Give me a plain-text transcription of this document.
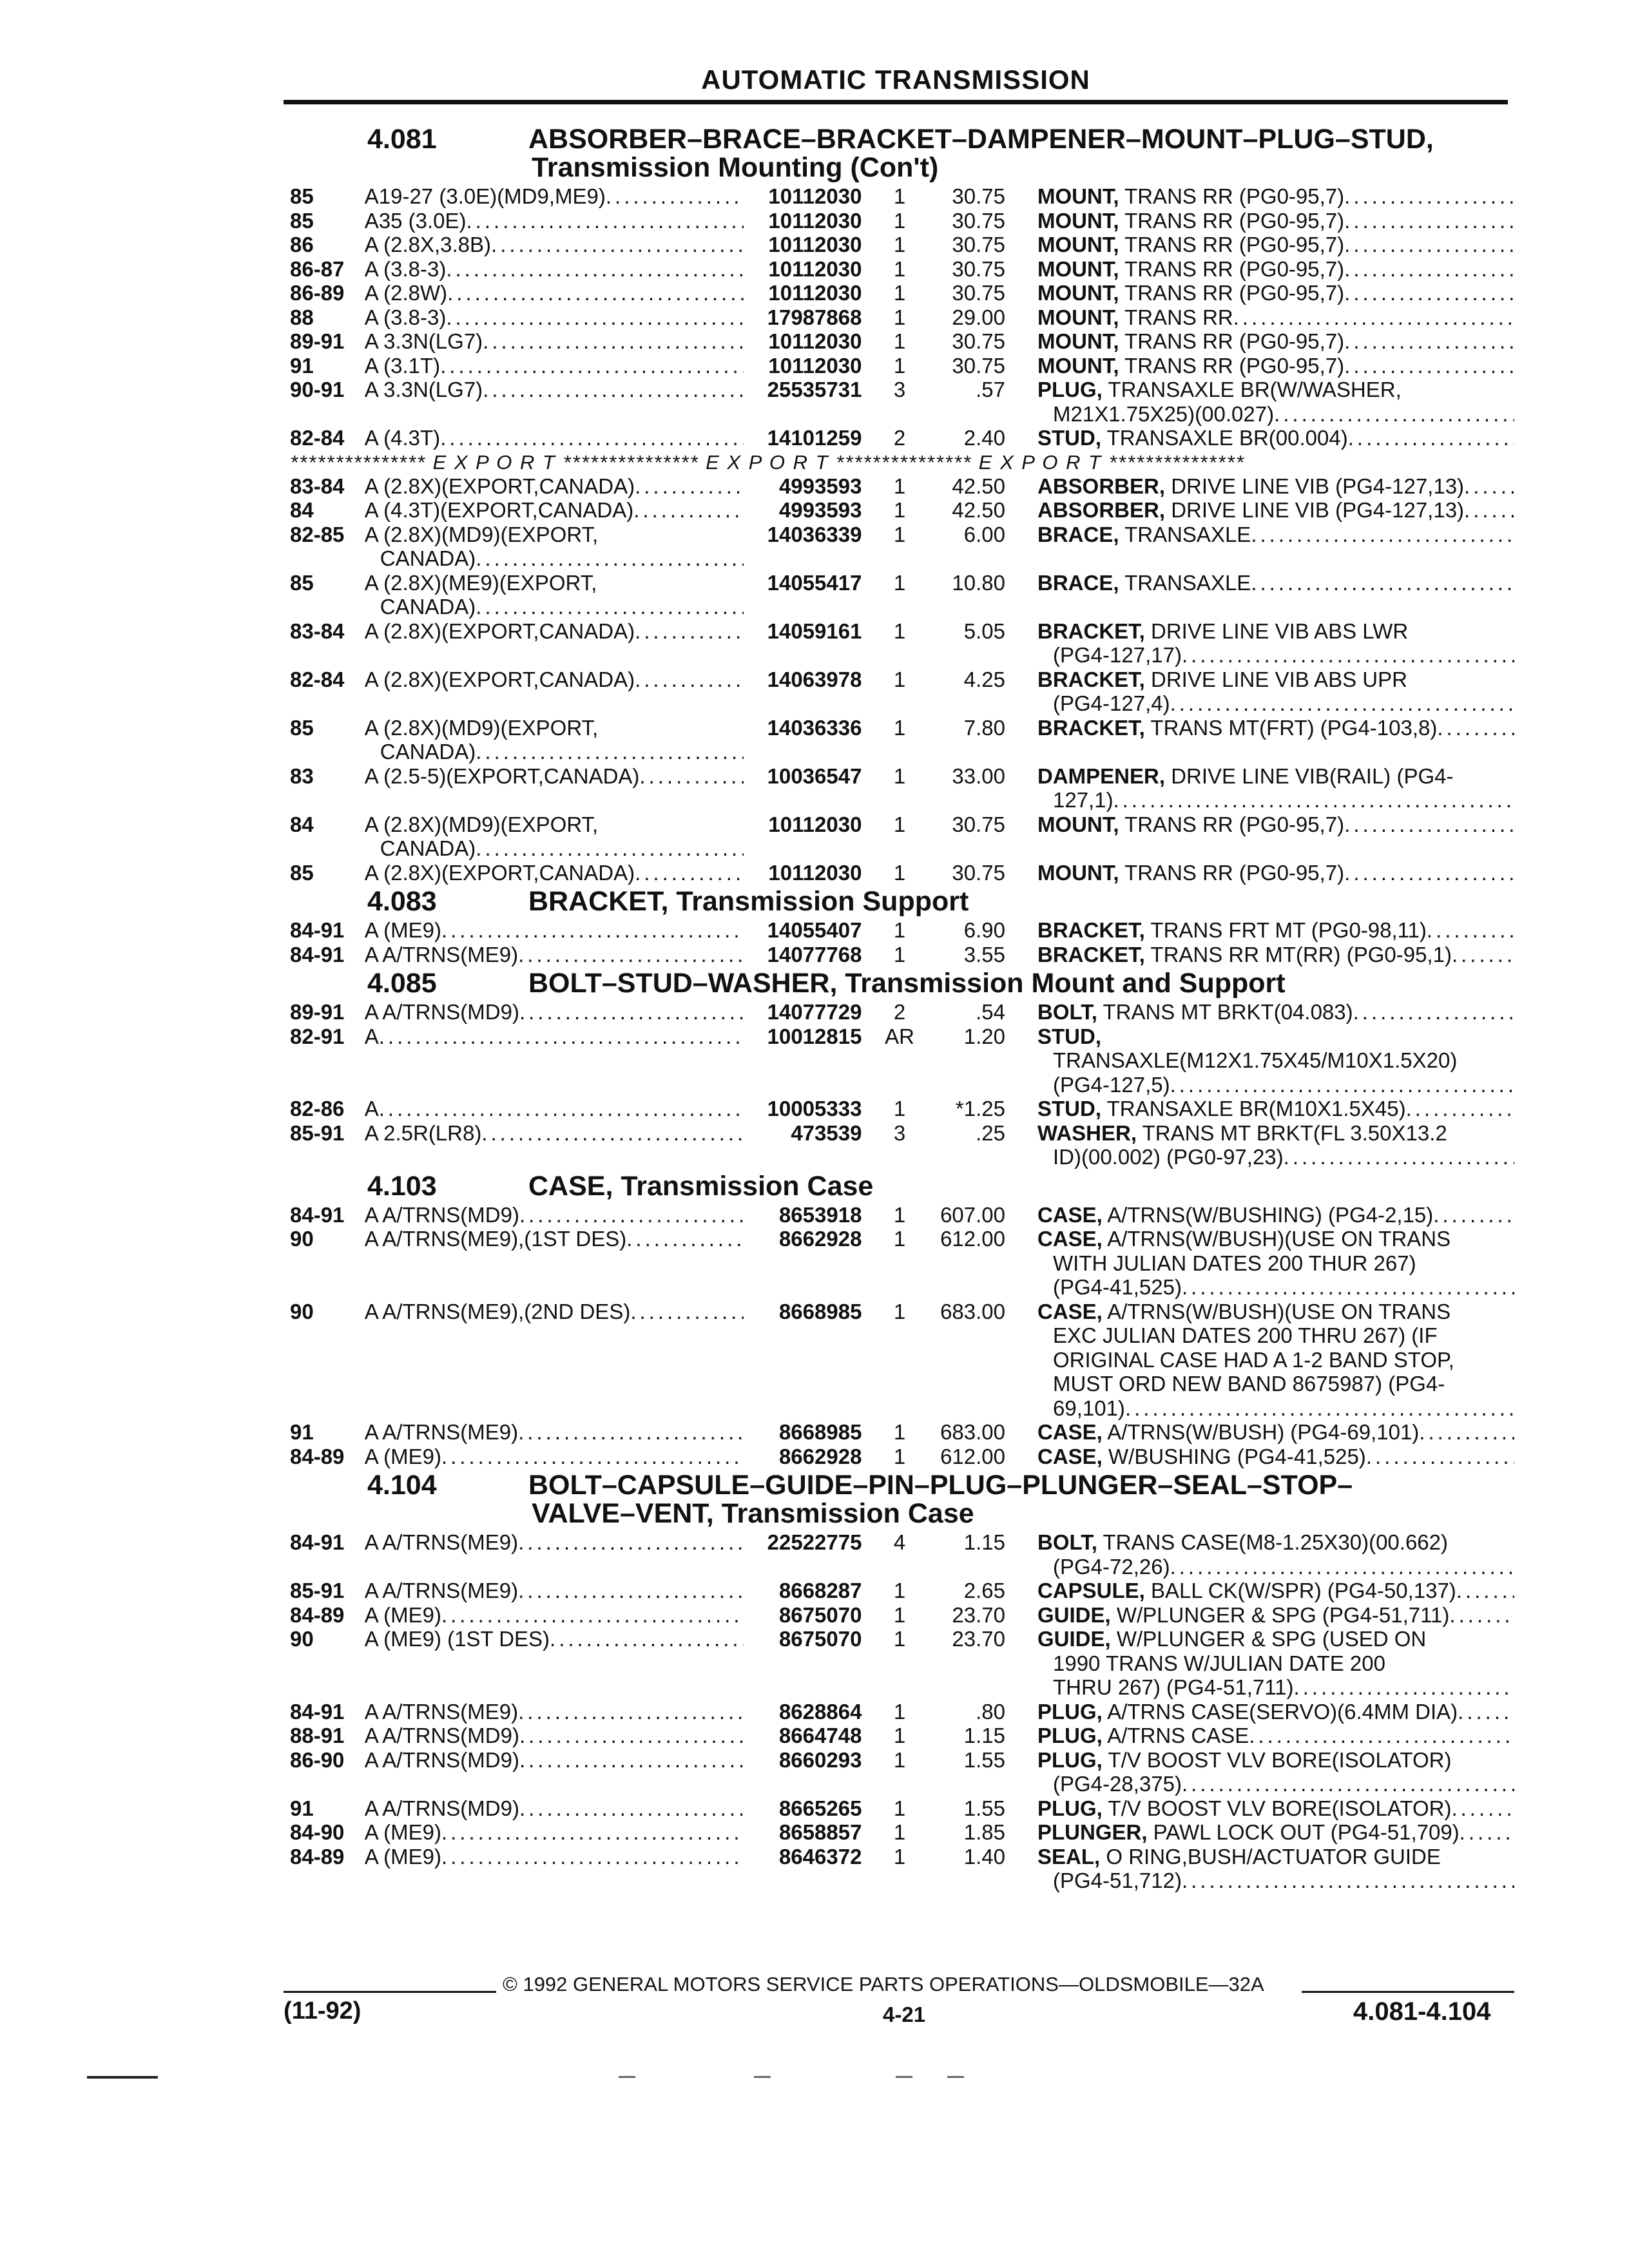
AUTOMATIC TRANSMISSION
4.081	ABSORBER–BRACE–BRACKET–DAMPENER–MOUNT–PLUG–STUD,
Transmission Mounting (Con't)
85	A19-27 (3.0E)(MD9,ME9) .....	10112030	1	30.75 MOUNT, TRANS RR (PG0-95,7)
.....
85	A35 (3.0E) .....	10112030	1	30.75 MOUNT, TRANS RR (PG0-95,7)
.....
86	A (2.8X,3.8B) .....	10112030	1	30.75 MOUNT, TRANS RR (PG0-95,7)
.....
86-87 A (3.8-3) .....	10112030	1	30.75 MOUNT, TRANS RR (PG0-95,7)
.....
86-89 A (2.8W) .....	10112030	1	30.75 MOUNT, TRANS RR (PG0-95,7)
.....
88	A (3.8-3) .....	17987868	1	29.00 MOUNT, TRANS RR
.....
89-91 A 3.3N(LG7) .....	10112030	1	30.75 MOUNT, TRANS RR (PG0-95,7)
.....
91	A (3.1T) .....	10112030	1	30.75 MOUNT, TRANS RR (PG0-95,7)
.....
90-91 A 3.3N(LG7) .....	25535731	3	.57 PLUG, TRANSAXLE BR(W/WASHER,
M21X1.75X25)(00.027)
.....
82-84 A (4.3T) .....	14101259	2	2.40 STUD, TRANSAXLE BR(00.004)
.....
*************** E X P O R T *************** E X P O R T *************** E X P O R T ***************
83-84 A (2.8X)(EXPORT,CANADA) .....	4993593	1	42.50 ABSORBER, DRIVE LINE VIB (PG4-127,13)
.....
84	A (4.3T)(EXPORT,CANADA) .....	4993593	1	42.50 ABSORBER, DRIVE LINE VIB (PG4-127,13)
.....
82-85 A (2.8X)(MD9)(EXPORT,
CANADA)
.....
14036339	1	6.00 BRACE, TRANSAXLE
.....
85	A (2.8X)(ME9)(EXPORT,
CANADA)
.....
14055417	1	10.80 BRACE, TRANSAXLE
.....
83-84 A (2.8X)(EXPORT,CANADA) .....	14059161	1	5.05 BRACKET, DRIVE LINE VIB ABS LWR
(PG4-127,17)
.....
82-84 A (2.8X)(EXPORT,CANADA) .....	14063978	1	4.25 BRACKET, DRIVE LINE VIB ABS UPR
(PG4-127,4)
.....
85	A (2.8X)(MD9)(EXPORT,
CANADA)
.....
14036336	1	7.80 BRACKET, TRANS MT(FRT) (PG4-103,8)
.....
83	A (2.5-5)(EXPORT,CANADA) .....	10036547	1	33.00 DAMPENER, DRIVE LINE VIB(RAIL) (PG4-
127,1)
.....
84	A (2.8X)(MD9)(EXPORT,
CANADA)
.....
10112030	1	30.75 MOUNT, TRANS RR (PG0-95,7)
.....
85	A (2.8X)(EXPORT,CANADA) .....	10112030	1	30.75 MOUNT, TRANS RR (PG0-95,7)
.....
4.083	BRACKET, Transmission Support
84-91 A (ME9) .....	14055407	1	6.90 BRACKET, TRANS FRT MT (PG0-98,11)
.....
84-91 A A/TRNS(ME9) .....	14077768	1	3.55 BRACKET, TRANS RR MT(RR) (PG0-95,1)
.....
4.085	BOLT–STUD–WASHER, Transmission Mount and Support
89-91 A A/TRNS(MD9) .....	14077729	2	.54 BOLT, TRANS MT BRKT(04.083)
.....
82-91 A .....	10012815	AR	1.20 STUD,
TRANSAXLE(M12X1.75X45/M10X1.5X20)
(PG4-127,5)
.....
82-86 A .....	10005333	1	*1.25 STUD, TRANSAXLE BR(M10X1.5X45)
.....
85-91 A 2.5R(LR8) .....	473539	3	.25 WASHER, TRANS MT BRKT(FL 3.50X13.2
ID)(00.002) (PG0-97,23)
.....
4.103	CASE, Transmission Case
84-91 A A/TRNS(MD9) .....	8653918	1	607.00 CASE, A/TRNS(W/BUSHING) (PG4-2,15)
.....
90	A A/TRNS(ME9),(1ST DES) .....	8662928	1	612.00 CASE, A/TRNS(W/BUSH)(USE ON TRANS
WITH JULIAN DATES 200 THUR 267)
(PG4-41,525)
.....
90	A A/TRNS(ME9),(2ND DES) .....	8668985	1	683.00 CASE, A/TRNS(W/BUSH)(USE ON TRANS
EXC JULIAN DATES 200 THRU 267) (IF
ORIGINAL CASE HAD A 1-2 BAND STOP,
MUST ORD NEW BAND 8675987) (PG4-
69,101)
.....
91	A A/TRNS(ME9) .....	8668985	1	683.00 CASE, A/TRNS(W/BUSH) (PG4-69,101)
.....
84-89 A (ME9) .....	8662928	1	612.00 CASE, W/BUSHING (PG4-41,525)
.....
4.104	BOLT–CAPSULE–GUIDE–PIN–PLUG–PLUNGER–SEAL–STOP–
VALVE–VENT, Transmission Case
84-91 A A/TRNS(ME9) .....	22522775	4	1.15 BOLT, TRANS CASE(M8-1.25X30)(00.662)
(PG4-72,26)
.....
85-91 A A/TRNS(ME9) .....	8668287	1	2.65 CAPSULE, BALL CK(W/SPR) (PG4-50,137)
.....
84-89 A (ME9) .....	8675070	1	23.70 GUIDE, W/PLUNGER & SPG (PG4-51,711)
.....
90	A (ME9) (1ST DES) .....	8675070	1	23.70 GUIDE, W/PLUNGER & SPG (USED ON
1990 TRANS W/JULIAN DATE 200
THRU 267) (PG4-51,711)
.....
84-91 A A/TRNS(ME9) .....	8628864	1	.80 PLUG, A/TRNS CASE(SERVO)(6.4MM DIA)
.....
88-91 A A/TRNS(MD9) .....	8664748	1	1.15 PLUG, A/TRNS CASE
.....
86-90 A A/TRNS(MD9) .....	8660293	1	1.55 PLUG, T/V BOOST VLV BORE(ISOLATOR)
(PG4-28,375)
.....
91	A A/TRNS(MD9) .....	8665265	1	1.55 PLUG, T/V BOOST VLV BORE(ISOLATOR)
.....
84-90 A (ME9) .....	8658857	1	1.85 PLUNGER, PAWL LOCK OUT (PG4-51,709)
.....
84-89 A (ME9) .....	8646372	1	1.40 SEAL, O RING,BUSH/ACTUATOR GUIDE
(PG4-51,712)
.....
© 1992 GENERAL MOTORS SERVICE PARTS OPERATIONS—OLDSMOBILE—32A
(11-92)	4-21	4.081-4.104
